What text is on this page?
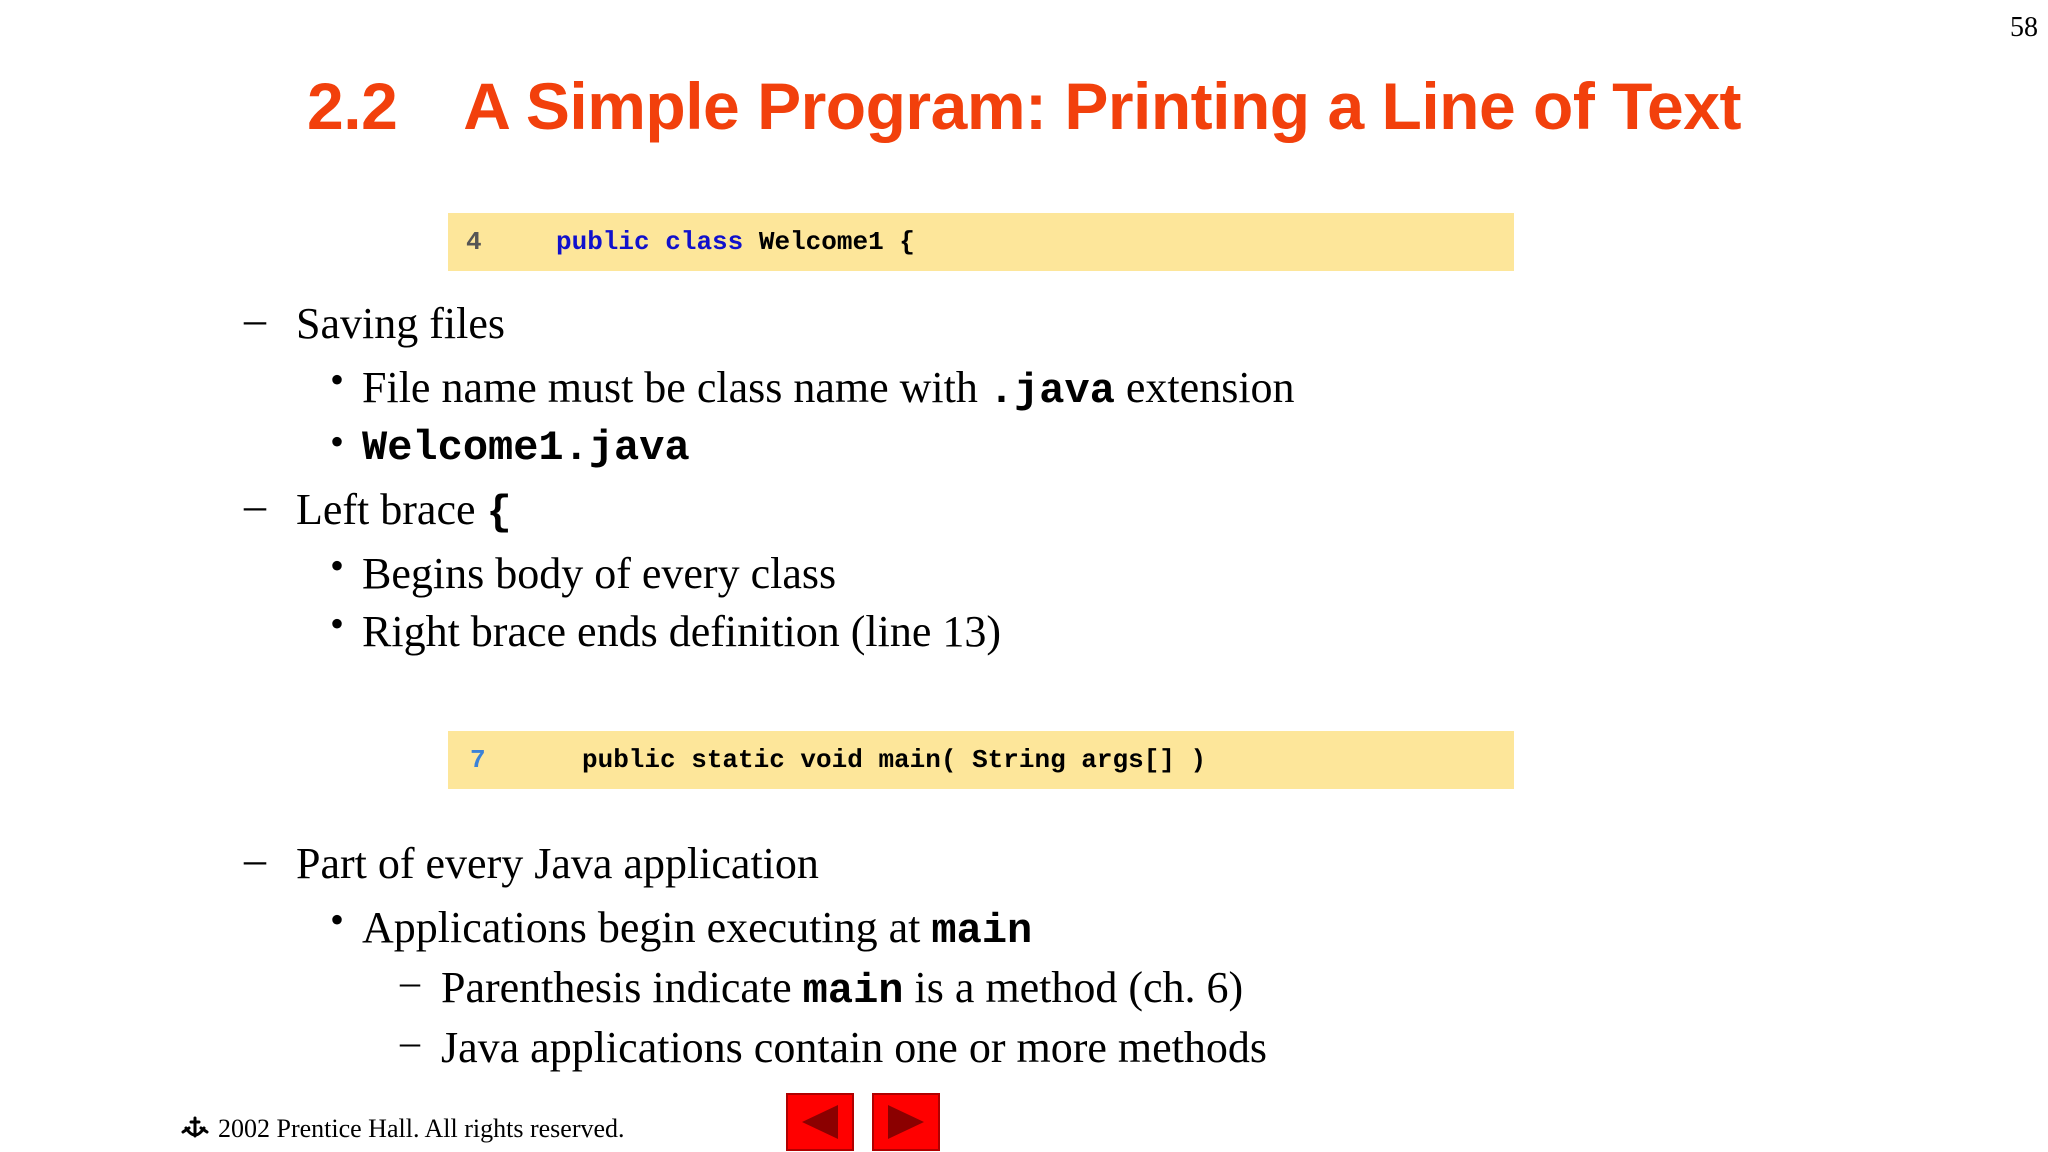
58
2.2 A Simple Program: Printing a Line of Text
4	public
class
Welcome1 {
– Saving files
• File name must be class name with .java extension
• Welcome1.java
– Left brace {
• Begins body of every class
• Right brace ends definition (line 13)
7	public static void main( String args[] )
– Part of every Java application
• Applications begin executing at main
– Parenthesis indicate main is a method (ch. 6)
– Java applications contain one or more methods
2002 Prentice Hall. All rights reserved.
